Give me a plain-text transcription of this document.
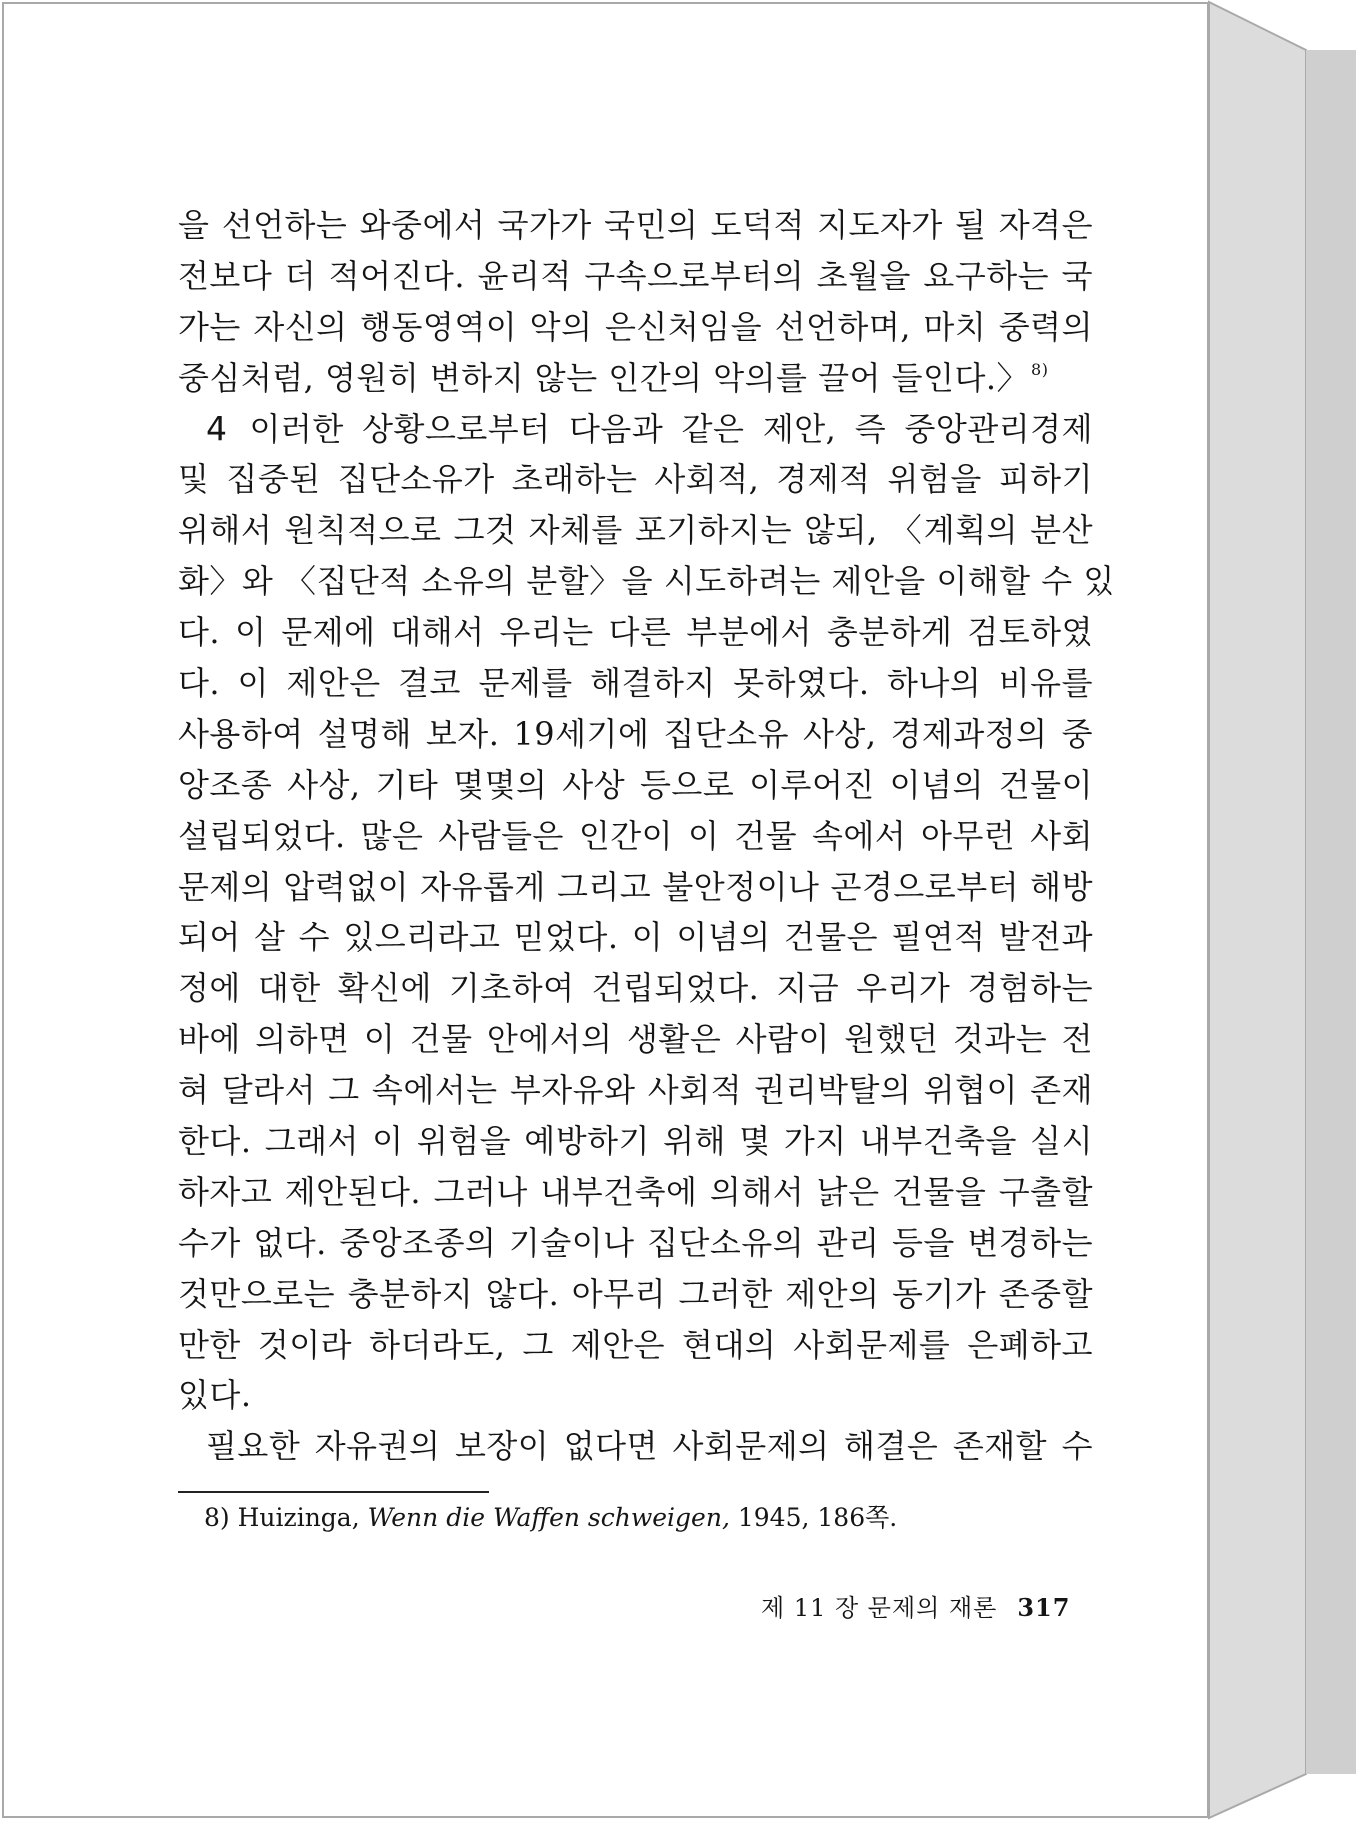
을 선언하는 와중에서 국가가 국민의 도덕적 지도자가 될 자격은
전보다 더 적어진다. 윤리적 구속으로부터의 초월을 요구하는 국
가는 자신의 행동영역이 악의 은신처임을 선언하며, 마치 중력의
중심처럼, 영원히 변하지 않는 인간의 악의를 끌어 들인다.〉 $^{8)}$
4 이러한 상황으로부터 다음과 같은 제안, 즉 중앙관리경제
및 집중된 집단소유가 초래하는 사회적, 경제적 위험을 피하기
위해서 원칙적으로 그것 자체를 포기하지는 않되, 〈계획의 분산
화〉와 〈집단적 소유의 분할〉을 시도하려는 제안을 이해할 수 있
다. 이 문제에 대해서 우리는 다른 부분에서 충분하게 검토하였
다. 이 제안은 결코 문제를 해결하지 못하였다. 하나의 비유를
사용하여 설명해 보자. 19세기에 집단소유 사상, 경제과정의 중
앙조종 사상, 기타 몇몇의 사상 등으로 이루어진 이념의 건물이
설립되었다. 많은 사람들은 인간이 이 건물 속에서 아무런 사회
문제의 압력없이 자유롭게 그리고 불안정이나 곤경으로부터 해방
되어 살 수 있으리라고 믿었다. 이 이념의 건물은 필연적 발전과
정에 대한 확신에 기초하여 건립되었다. 지금 우리가 경험하는
바에 의하면 이 건물 안에서의 생활은 사람이 원했던 것과는 전
혀 달라서 그 속에서는 부자유와 사회적 권리박탈의 위협이 존재
한다. 그래서 이 위험을 예방하기 위해 몇 가지 내부건축을 실시
하자고 제안된다. 그러나 내부건축에 의해서 낡은 건물을 구출할
수가 없다. 중앙조종의 기술이나 집단소유의 관리 등을 변경하는
것만으로는 충분하지 않다. 아무리 그러한 제안의 동기가 존중할
만한 것이라 하더라도, 그 제안은 현대의 사회문제를 은폐하고
있다.
필요한 자유권의 보장이 없다면 사회문제의 해결은 존재할 수
8) Huizinga, Wenn die Waffen schweigen, 1945, 186쪽.
제 11 장 문제의 재론 317
